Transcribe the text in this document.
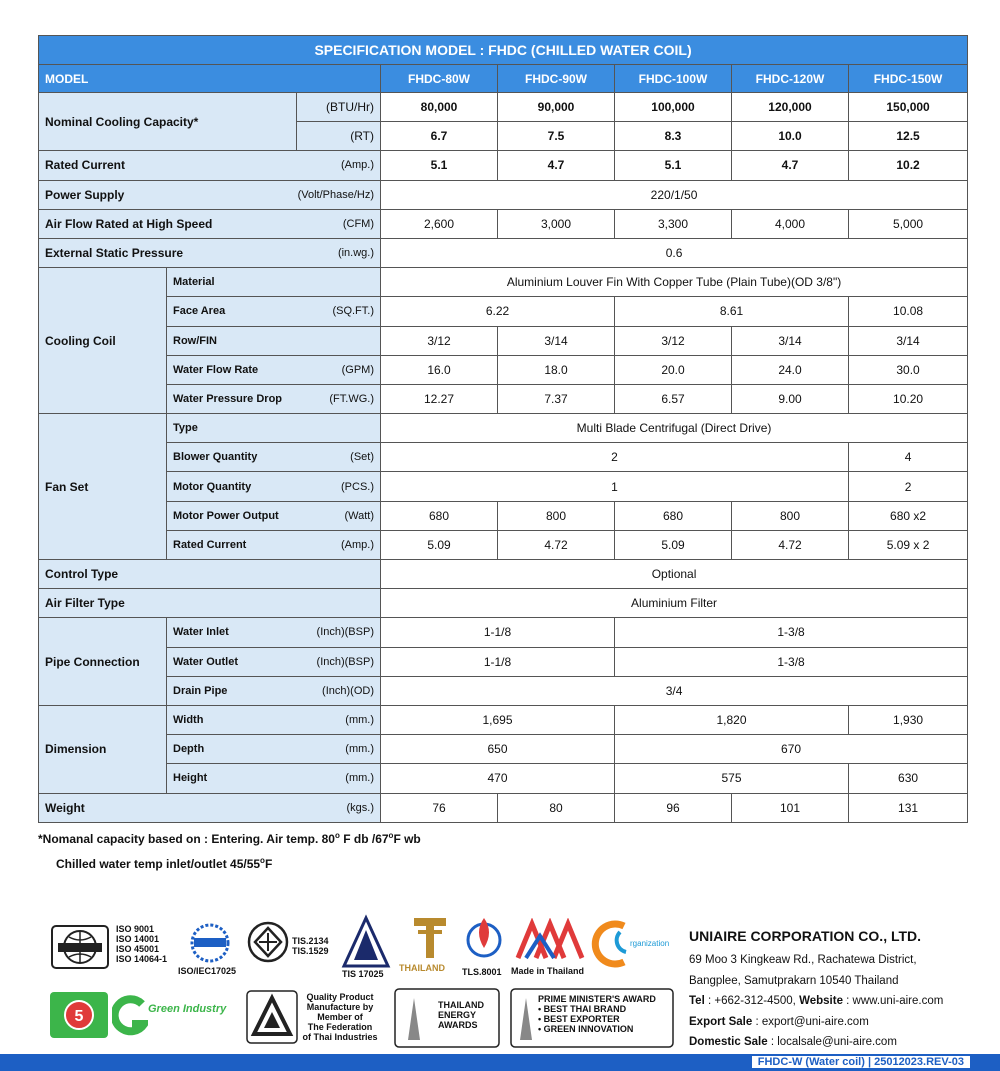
SPECIFICATION MODEL : FHDC (CHILLED WATER COIL)							
MODEL			FHDC-80W	FHDC-90W	FHDC-100W	FHDC-120W	FHDC-150W
Nominal Cooling Capacity*		(BTU/Hr)	80,000	90,000	100,000	120,000	150,000
		(RT)	6.7	7.5	8.3	10.0	12.5

Rated Current (Amp.)			5.1	4.7	5.1	4.7	10.2

Power Supply (Volt/Phase/Hz)			220/1/50				

Air Flow Rated at High Speed (CFM)			2,600	3,000	3,300	4,000	5,000

External Static Pressure (in.wg.)			0.6				
Cooling Coil	Material		Aluminium Louver Fin With Copper Tube (Plain Tube)(OD 3/8")				

	Face Area (SQ.FT.)		6.22		8.61		10.08
	Row/FIN		3/12	3/14	3/12	3/14	3/14

	Water Flow Rate (GPM)		16.0	18.0	20.0	24.0	30.0

	Water Pressure Drop (FT.WG.)		12.27	7.37	6.57	9.00	10.20
Fan Set	Type		Multi Blade Centrifugal (Direct Drive)				

	Blower Quantity (Set)		2				4

	Motor Quantity (PCS.)		1				2

	Motor Power Output (Watt)		680	800	680	800	680 x2

	Rated Current (Amp.)		5.09	4.72	5.09	4.72	5.09 x 2
Control Type			Optional				
Air Filter Type			Aluminium Filter				
Pipe Connection	Water Inlet (Inch)(BSP)		1-1/8		1-3/8		

	Water Outlet (Inch)(BSP)		1-1/8		1-3/8		

	Drain Pipe (Inch)(OD)		3/4				
Dimension	Width (mm.)		1,695		1,820		1,930

	Depth (mm.)		650		670		

	Height (mm.)		470		575		630

Weight (kgs.)			76	80	96	101	131
*Nomanal capacity based on : Entering. Air temp. 80$^o$ F db /67$^o$F wb
Chilled water temp inlet/outlet 45/55$^o$F
ISO 9001
ISO 14001
ISO 45001
ISO 14064-1
ISO/IEC17025
TIS.2134
TIS.1529
TIS 17025
THAILAND TLS.8001 Made in Thailand
rganization
5	Green Industry
Quality Product
Manufacture by
Member of
The Federation
of Thai Industries
THAILAND
ENERGY
AWARDS
PRIME MINISTER'S AWARD
• BEST THAI BRAND
• BEST EXPORTER
• GREEN INNOVATION
UNIAIRE CORPORATION CO., LTD.
69 Moo 3 Kingkeaw Rd., Rachatewa District,
Bangplee, Samutprakarn 10540 Thailand
Tel : +662-312-4500, Website : www.uni-aire.com
Export Sale : export@uni-aire.com
Domestic Sale : localsale@uni-aire.com
FHDC-W (Water coil) | 25012023.REV-03
